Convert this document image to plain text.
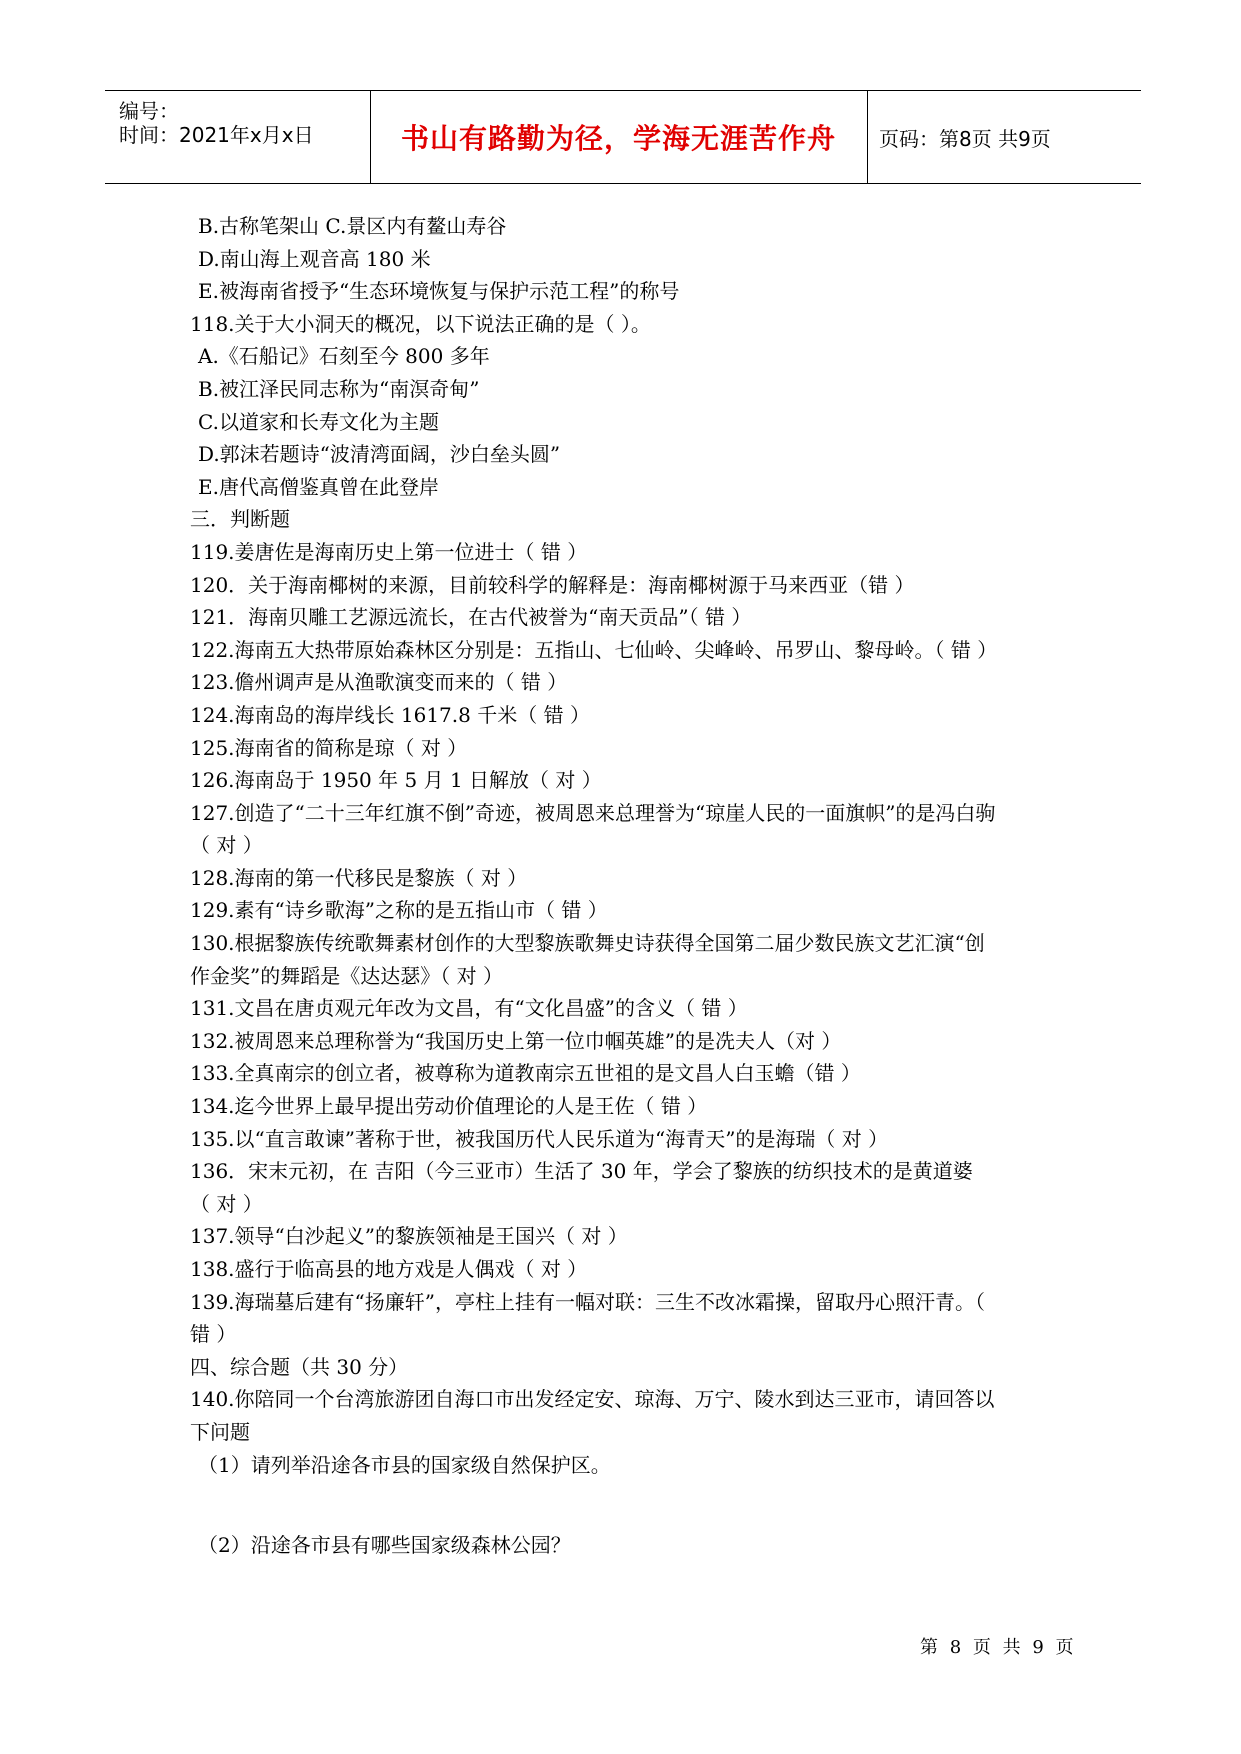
编号：
时间：2021年x月x日	书山有路勤为径，学海无涯苦作舟 页码：第8页 共9页
B.古称笔架山 C.景区内有鳌山寿谷
D.南山海上观音高 180 米
E.被海南省授予“生态环境恢复与保护示范工程”的称号
118.关于大小洞天的概况，以下说法正确的是（ ）。
A.《石船记》石刻至今 800 多年
B.被江泽民同志称为“南溟奇甸”
C.以道家和长寿文化为主题
D.郭沫若题诗“波清湾面阔，沙白垒头圆”
E.唐代高僧鉴真曾在此登岸
三．判断题
119.姜唐佐是海南历史上第一位进士（ 错 ）
120．关于海南椰树的来源，目前较科学的解释是：海南椰树源于马来西亚（错 ）
121．海南贝雕工艺源远流长，在古代被誉为“南天贡品”（ 错 ）
122.海南五大热带原始森林区分别是：五指山、七仙岭、尖峰岭、吊罗山、黎母岭。（ 错 ）
123.儋州调声是从渔歌演变而来的（ 错 ）
124.海南岛的海岸线长 1617.8 千米（ 错 ）
125.海南省的简称是琼（ 对 ）
126.海南岛于 1950 年 5 月 1 日解放（ 对 ）
127.创造了“二十三年红旗不倒”奇迹，被周恩来总理誉为“琼崖人民的一面旗帜”的是冯白驹
（ 对 ）
128.海南的第一代移民是黎族（ 对 ）
129.素有“诗乡歌海”之称的是五指山市（ 错 ）
130.根据黎族传统歌舞素材创作的大型黎族歌舞史诗获得全国第二届少数民族文艺汇演“创
作金奖”的舞蹈是《达达瑟》（ 对 ）
131.文昌在唐贞观元年改为文昌，有“文化昌盛”的含义（ 错 ）
132.被周恩来总理称誉为“我国历史上第一位巾帼英雄”的是冼夫人（对 ）
133.全真南宗的创立者，被尊称为道教南宗五世祖的是文昌人白玉蟾（错 ）
134.迄今世界上最早提出劳动价值理论的人是王佐（ 错 ）
135.以“直言敢谏”著称于世，被我国历代人民乐道为“海青天”的是海瑞（ 对 ）
136．宋末元初，在 吉阳（今三亚市）生活了 30 年，学会了黎族的纺织技术的是黄道婆
（ 对 ）
137.领导“白沙起义”的黎族领袖是王国兴（ 对 ）
138.盛行于临高县的地方戏是人偶戏（ 对 ）
139.海瑞墓后建有“扬廉轩”，亭柱上挂有一幅对联：三生不改冰霜操，留取丹心照汗青。（
错 ）
四、综合题（共 30 分）
140.你陪同一个台湾旅游团自海口市出发经定安、琼海、万宁、陵水到达三亚市，请回答以
下问题
（1）请列举沿途各市县的国家级自然保护区。
（2）沿途各市县有哪些国家级森林公园？
第 8 页 共 9 页
